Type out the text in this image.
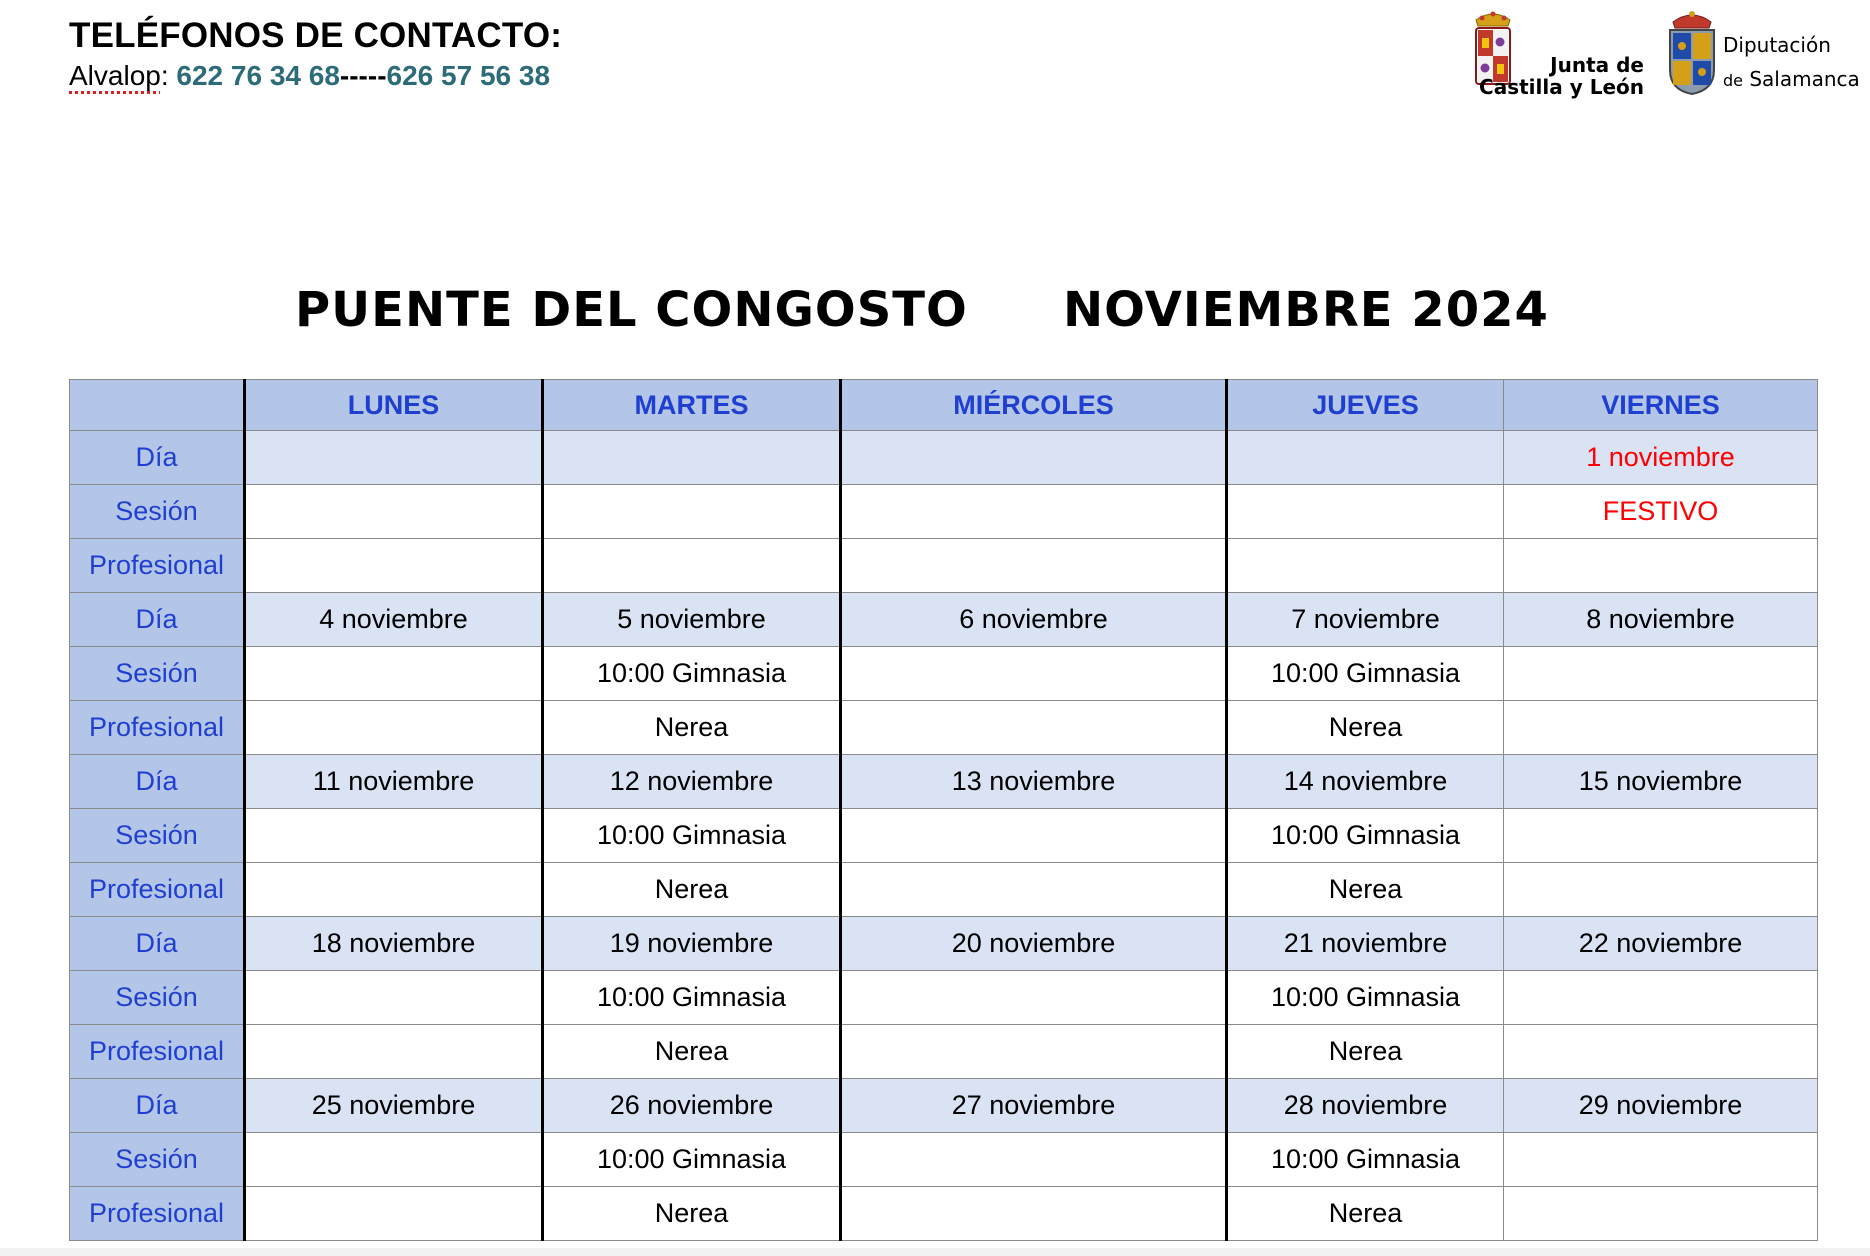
TELÉFONOS DE CONTACTO:
Alvalop: 622 76 34 68-----626 57 56 38	Junta de
Castilla y León
Diputación
de Salamanca
PUENTE DEL CONGOSTO NOVIEMBRE 2024
	LUNES	MARTES	MIÉRCOLES	JUEVES	VIERNES
Día					1 noviembre
Sesión					FESTIVO
Profesional					
Día	4 noviembre	5 noviembre	6 noviembre	7 noviembre	8 noviembre
Sesión		10:00 Gimnasia		10:00 Gimnasia	
Profesional		Nerea		Nerea	
Día	11 noviembre	12 noviembre	13 noviembre	14 noviembre	15 noviembre
Sesión		10:00 Gimnasia		10:00 Gimnasia	
Profesional		Nerea		Nerea	
Día	18 noviembre	19 noviembre	20 noviembre	21 noviembre	22 noviembre
Sesión		10:00 Gimnasia		10:00 Gimnasia	
Profesional		Nerea		Nerea	
Día	25 noviembre	26 noviembre	27 noviembre	28 noviembre	29 noviembre
Sesión		10:00 Gimnasia		10:00 Gimnasia	
Profesional		Nerea		Nerea	
